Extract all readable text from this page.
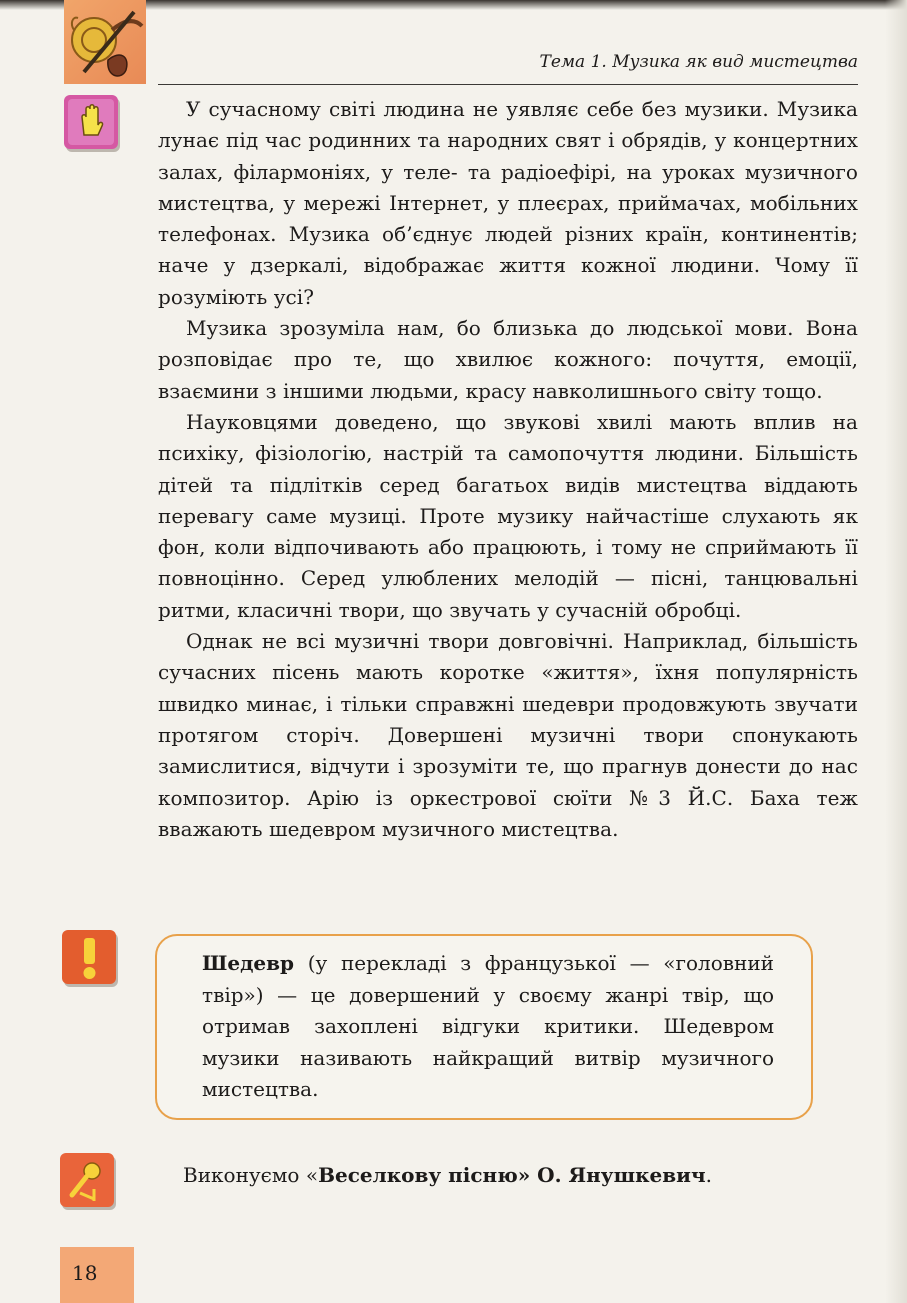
Тема 1. Музика як вид мистецтва

У сучасному світі людина не уявляє себе без музики. Музика лунає під час родинних та народних свят і обрядів, у концертних залах, філармоніях, у теле- та радіоефірі, на уроках музичного мистецтва, у мережі Інтернет, у плеєрах, приймачах, мобільних телефонах. Музика об’єднує людей різних країн, континентів; наче у дзеркалі, відображає життя кожної людини. Чому її розуміють усі?

Музика зрозуміла нам, бо близька до людської мови. Вона розповідає про те, що хвилює кожного: почуття, емоції, взаємини з іншими людьми, красу навколишнього світу тощо.

Науковцями доведено, що звукові хвилі мають вплив на психіку, фізіологію, настрій та самопочуття людини. Більшість дітей та підлітків серед багатьох видів мистецтва віддають перевагу саме музиці. Проте музику найчастіше слухають як фон, коли відпочивають або працюють, і тому не сприймають її повноцінно. Серед улюблених мелодій — пісні, танцювальні ритми, класичні твори, що звучать у сучасній обробці.

Однак не всі музичні твори довговічні. Наприклад, більшість сучасних пісень мають коротке «життя», їхня популярність швидко минає, і тільки справжні шедеври продовжують звучати протягом сторіч. Довершені музичні твори спонукають замислитися, відчути і зрозуміти те, що прагнув донести до нас композитор. Арію із оркестрової сюїти №3 Й.С. Баха теж вважають шедевром музичного мистецтва.

Шедевр (у перекладі з французької — «головний твір») — це довершений у своєму жанрі твір, що отримав захоплені відгуки критики. Шедевром музики називають найкращий витвір музичного мистецтва.
Виконуємо «Веселкову пісню» О. Янушкевич.
18
